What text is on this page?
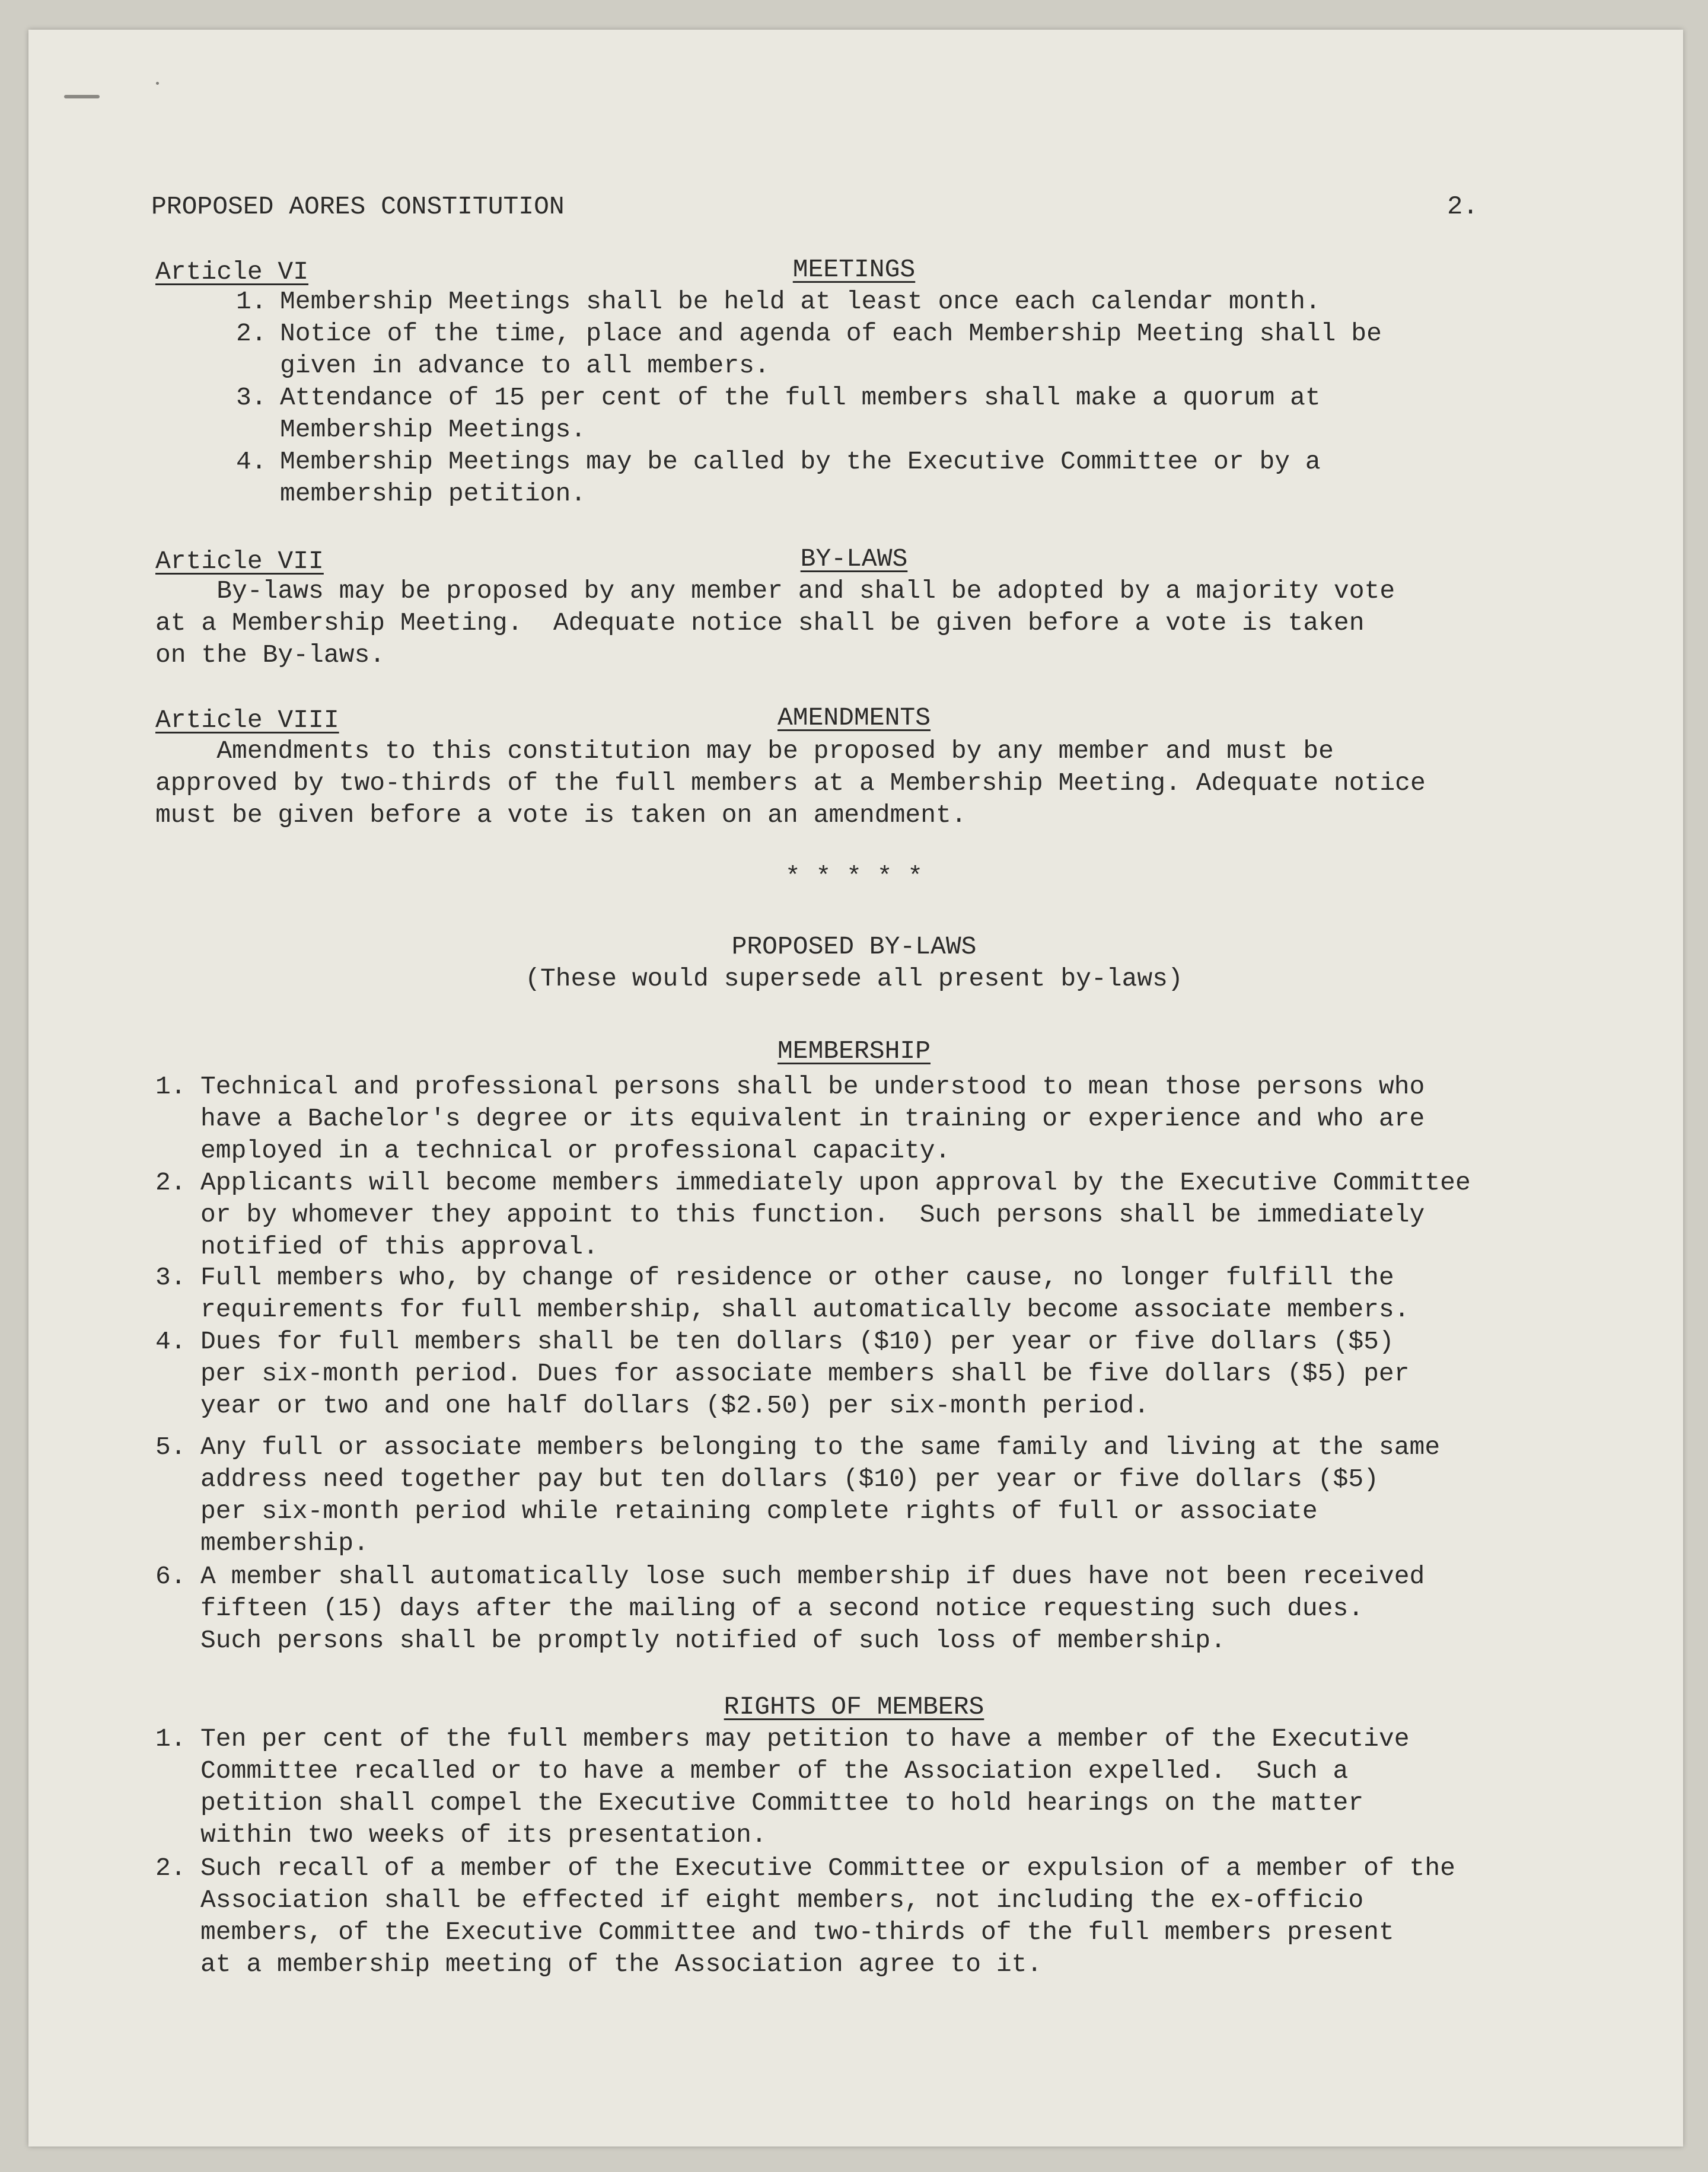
PROPOSED AORES CONSTITUTION	2.
Article VI	MEETINGS
1. Membership Meetings shall be held at least once each calendar month.
2. Notice of the time, place and agenda of each Membership Meeting shall be
given in advance to all members.
3. Attendance of 15 per cent of the full members shall make a quorum at
Membership Meetings.
4. Membership Meetings may be called by the Executive Committee or by a
membership petition.
Article VII	BY-LAWS
By-laws may be proposed by any member and shall be adopted by a majority vote
at a Membership Meeting.  Adequate notice shall be given before a vote is taken
on the By-laws.
Article VIII	AMENDMENTS
Amendments to this constitution may be proposed by any member and must be
approved by two-thirds of the full members at a Membership Meeting. Adequate notice
must be given before a vote is taken on an amendment.
* * * * *
PROPOSED BY-LAWS
(These would supersede all present by-laws)
MEMBERSHIP
1. Technical and professional persons shall be understood to mean those persons who
have a Bachelor's degree or its equivalent in training or experience and who are
employed in a technical or professional capacity.
2. Applicants will become members immediately upon approval by the Executive Committee
or by whomever they appoint to this function.  Such persons shall be immediately
notified of this approval.
3. Full members who, by change of residence or other cause, no longer fulfill the
requirements for full membership, shall automatically become associate members.
4. Dues for full members shall be ten dollars ($10) per year or five dollars ($5)
per six-month period. Dues for associate members shall be five dollars ($5) per
year or two and one half dollars ($2.50) per six-month period.
5. Any full or associate members belonging to the same family and living at the same
address need together pay but ten dollars ($10) per year or five dollars ($5)
per six-month period while retaining complete rights of full or associate
membership.
6. A member shall automatically lose such membership if dues have not been received
fifteen (15) days after the mailing of a second notice requesting such dues.
Such persons shall be promptly notified of such loss of membership.
RIGHTS OF MEMBERS
1. Ten per cent of the full members may petition to have a member of the Executive
Committee recalled or to have a member of the Association expelled.  Such a
petition shall compel the Executive Committee to hold hearings on the matter
within two weeks of its presentation.
2. Such recall of a member of the Executive Committee or expulsion of a member of the
Association shall be effected if eight members, not including the ex-officio
members, of the Executive Committee and two-thirds of the full members present
at a membership meeting of the Association agree to it.
